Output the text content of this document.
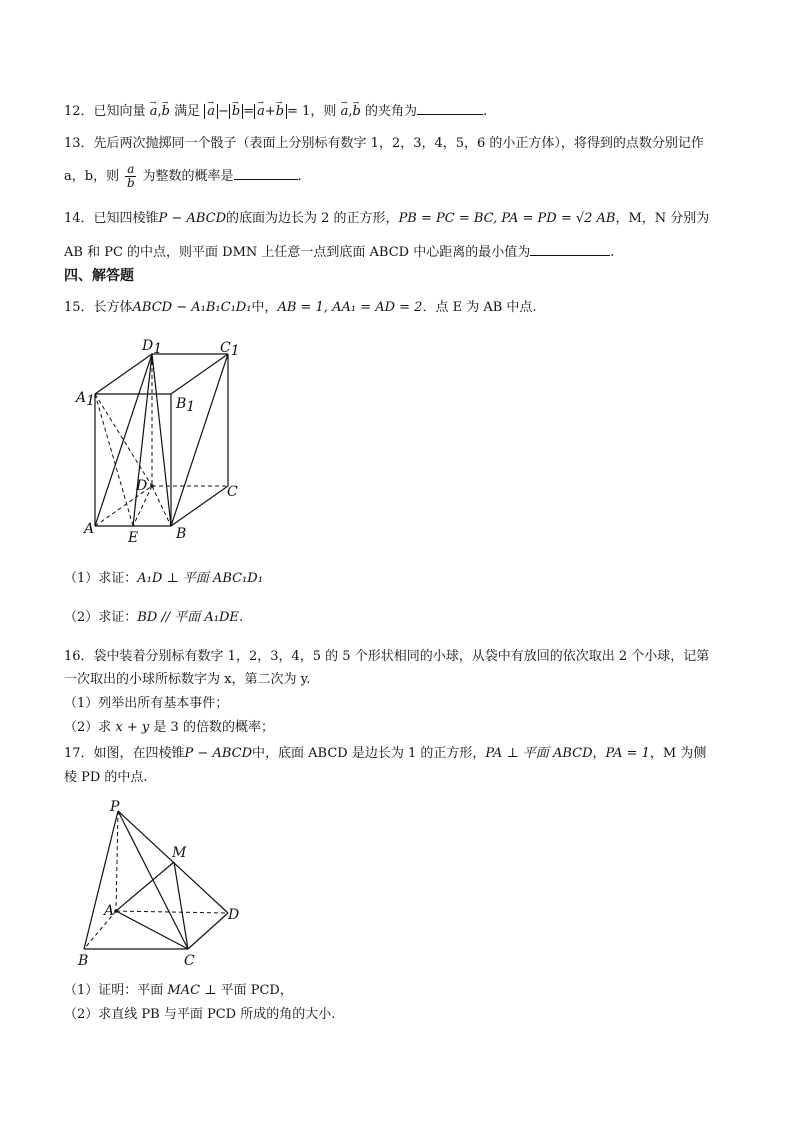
12．已知向量 → a,→ b 满足 → a − → b = → a+→ b = 1，则 → a,→ b 的夹角为	.
13．先后两次抛掷同一个骰子（表面上分别标有数字 1，2，3，4，5，6 的小正方体），将得到的点数分别记作
a，b，则 $\frac{a}{b}$ 为整数的概率是	.
14．已知四棱锥P − ABCD的底面为边长为 2 的正方形，PB = PC = BC, PA = PD = √2 AB，M，N 分别为
AB 和 PC 的中点，则平面 DMN 上任意一点到底面 ABCD 中心距离的最小值为	.
四、解答题
15．长方体ABCD − A₁B₁C₁D₁中，AB = 1, AA₁ = AD = 2．点 E 为 AB 中点.
D1	C1
A1	B1
D	C
A
E	B
（1）求证：A₁D ⊥ 平面 ABC₁D₁
（2）求证：BD // 平面 A₁DE.
16．袋中装着分别标有数字 1，2，3，4，5 的 5 个形状相同的小球，从袋中有放回的依次取出 2 个小球，记第
一次取出的小球所标数字为 x，第二次为 y.
（1）列举出所有基本事件；
（2）求 x + y 是 3 的倍数的概率；
17．如图，在四棱锥P − ABCD中，底面 ABCD 是边长为 1 的正方形，PA ⊥ 平面 ABCD，PA = 1，M 为侧
棱 PD 的中点.
P
M
A	D
B	C
（1）证明：平面 MAC ⊥ 平面 PCD，
（2）求直线 PB 与平面 PCD 所成的角的大小.
